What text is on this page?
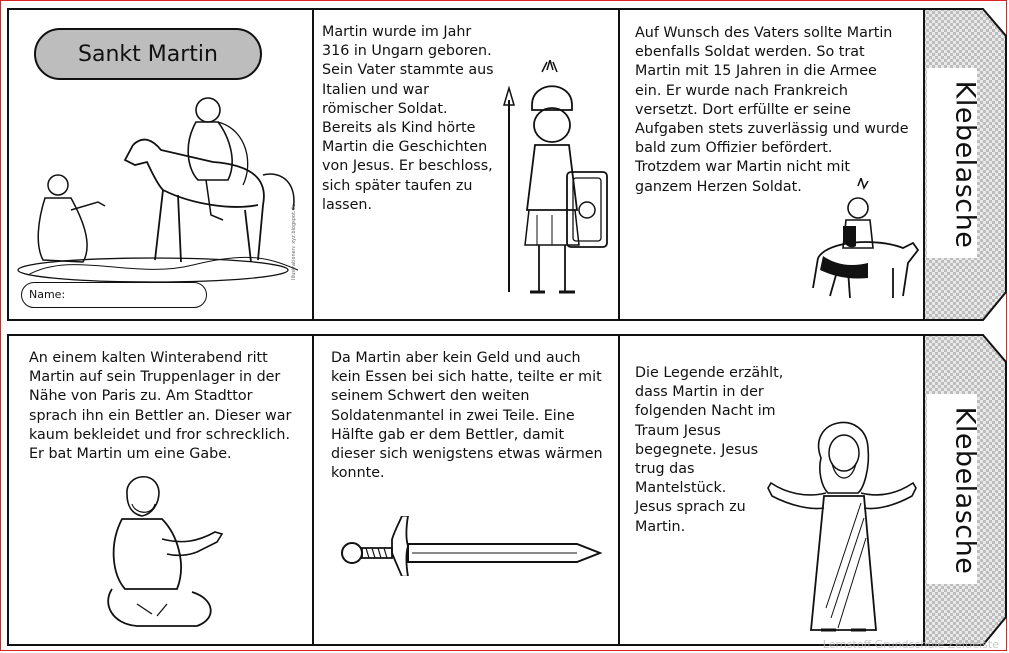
Sankt Martin
Name:
Illustrationen: xyz.blogspot.de
Martin wurde im Jahr
316 in Ungarn geboren.
Sein Vater stammte aus
Italien und war
römischer Soldat.
Bereits als Kind hörte
Martin die Geschichten
von Jesus. Er beschloss,
sich später taufen zu
lassen.
Auf Wunsch des Vaters sollte Martin
ebenfalls Soldat werden. So trat
Martin mit 15 Jahren in die Armee
ein. Er wurde nach Frankreich
versetzt. Dort erfüllte er seine
Aufgaben stets zuverlässig und wurde
bald zum Offizier befördert.
Trotzdem war Martin nicht mit
ganzem Herzen Soldat.	Klebelasche
An einem kalten Winterabend ritt
Martin auf sein Truppenlager in der
Nähe von Paris zu. Am Stadttor
sprach ihn ein Bettler an. Dieser war
kaum bekleidet und fror schrecklich.
Er bat Martin um eine Gabe.
Da Martin aber kein Geld und auch
kein Essen bei sich hatte, teilte er mit
seinem Schwert den weiten
Soldatenmantel in zwei Teile. Eine
Hälfte gab er dem Bettler, damit
dieser sich wenigstens etwas wärmen
konnte.
Die Legende erzählt,
dass Martin in der
folgenden Nacht im
Traum Jesus
begegnete. Jesus
trug das
Mantelstück.
Jesus sprach zu
Martin.	Klebelasche
Lernstoff Grundschule Zeitleiste
